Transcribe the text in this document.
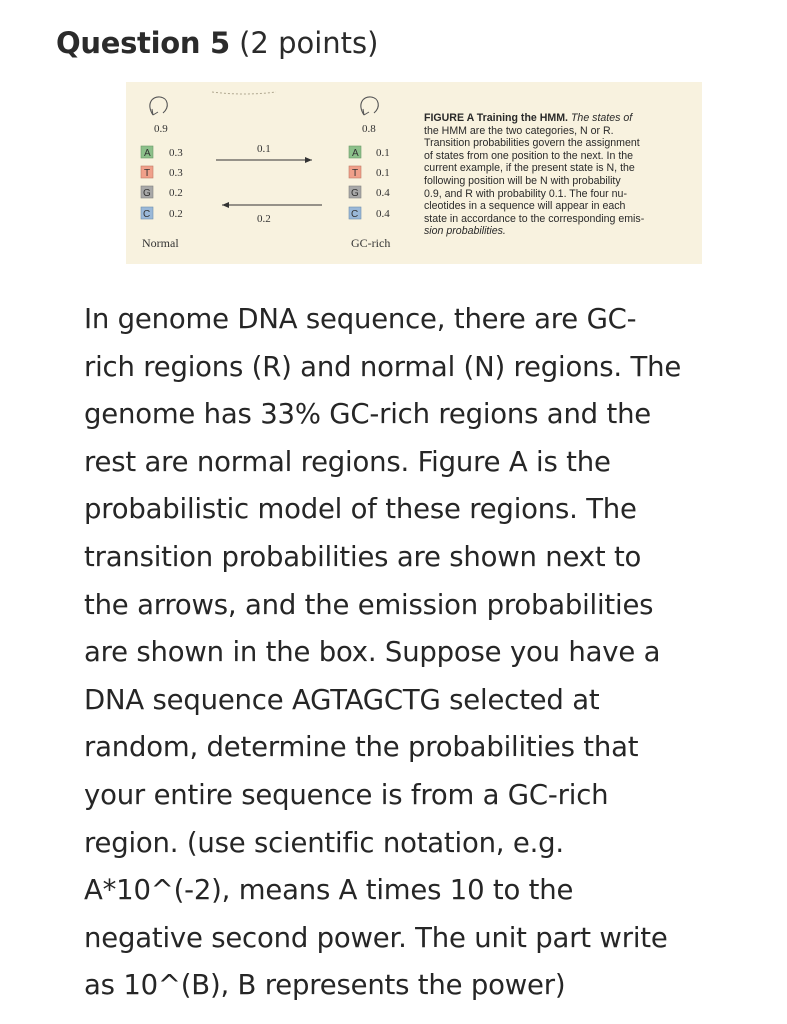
Question 5 (2 points)
0.9	0.8
A 0.3
T 0.3
G 0.2
C 0.2
Normal
A 0.1
T 0.1
G 0.4
C 0.4
GC-rich
0.1
0.2
FIGURE A Training the HMM. The states of
the HMM are the two categories, N or R.
Transition probabilities govern the assignment
of states from one position to the next. In the
current example, if the present state is N, the
following position will be N with probability
0.9, and R with probability 0.1. The four nu-
cleotides in a sequence will appear in each
state in accordance to the corresponding emis-
sion probabilities.
In genome DNA sequence, there are GC-
rich regions (R) and normal (N) regions. The
genome has 33% GC-rich regions and the
rest are normal regions. Figure A is the
probabilistic model of these regions. The
transition probabilities are shown next to
the arrows, and the emission probabilities
are shown in the box. Suppose you have a
DNA sequence AGTAGCTG selected at
random, determine the probabilities that
your entire sequence is from a GC-rich
region. (use scientific notation, e.g.
A*10^(-2), means A times 10 to the
negative second power. The unit part write
as 10^(B), B represents the power)
